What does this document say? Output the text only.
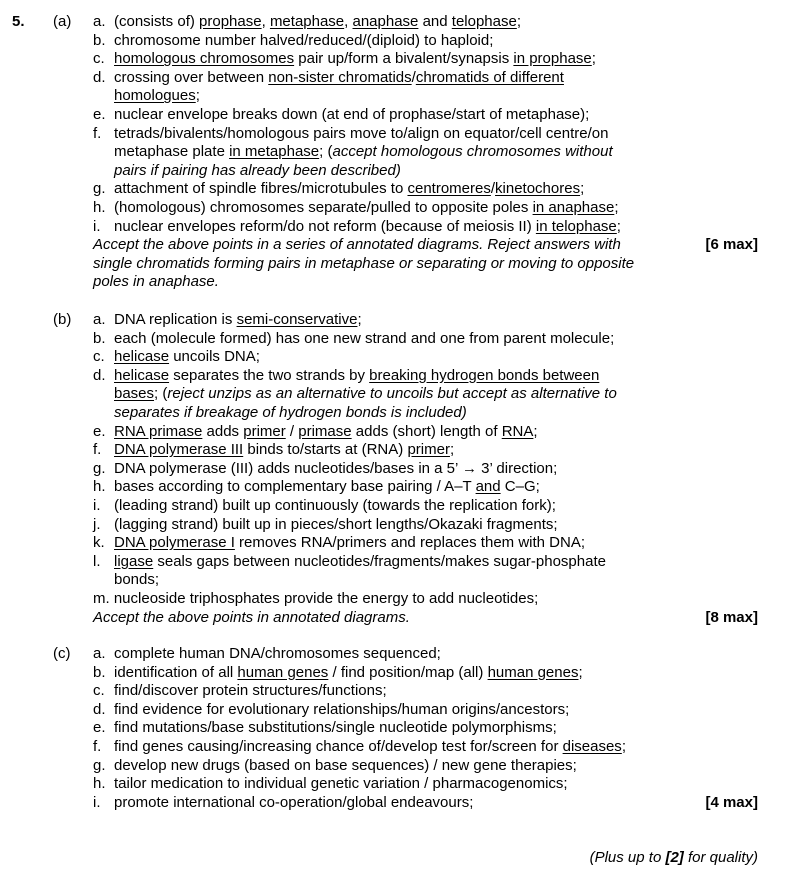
5. (a) a. (consists of) prophase, metaphase, anaphase and telophase;
b. chromosome number halved/reduced/(diploid) to haploid;
c. homologous chromosomes pair up/form a bivalent/synapsis in prophase;
d. crossing over between non-sister chromatids/chromatids of different
homologues;
e. nuclear envelope breaks down (at end of prophase/start of metaphase);
f. tetrads/bivalents/homologous pairs move to/align on equator/cell centre/on
metaphase plate in metaphase; (accept homologous chromosomes without
pairs if pairing has already been described)
g. attachment of spindle fibres/microtubules to centromeres/kinetochores;
h. (homologous) chromosomes separate/pulled to opposite poles in anaphase;
i. nuclear envelopes reform/do not reform (because of meiosis II) in telophase;
Accept the above points in a series of annotated diagrams. Reject answers with	[6 max]
single chromatids forming pairs in metaphase or separating or moving to opposite
poles in anaphase.
(b) a. DNA replication is semi-conservative;
b. each (molecule formed) has one new strand and one from parent molecule;
c. helicase uncoils DNA;
d. helicase separates the two strands by breaking hydrogen bonds between
bases; (reject unzips as an alternative to uncoils but accept as alternative to
separates if breakage of hydrogen bonds is included)
e. RNA primase adds primer / primase adds (short) length of RNA;
f. DNA polymerase III binds to/starts at (RNA) primer;
g. DNA polymerase (III) adds nucleotides/bases in a 5’ → 3’ direction;
h. bases according to complementary base pairing / A–T and C–G;
i. (leading strand) built up continuously (towards the replication fork);
j. (lagging strand) built up in pieces/short lengths/Okazaki fragments;
k. DNA polymerase I removes RNA/primers and replaces them with DNA;
l. ligase seals gaps between nucleotides/fragments/makes sugar-phosphate
bonds;
m. nucleoside triphosphates provide the energy to add nucleotides;
Accept the above points in annotated diagrams.	[8 max]
(c) a. complete human DNA/chromosomes sequenced;
b. identification of all human genes / find position/map (all) human genes;
c. find/discover protein structures/functions;
d. find evidence for evolutionary relationships/human origins/ancestors;
e. find mutations/base substitutions/single nucleotide polymorphisms;
f. find genes causing/increasing chance of/develop test for/screen for diseases;
g. develop new drugs (based on base sequences) / new gene therapies;
h. tailor medication to individual genetic variation / pharmacogenomics;
i. promote international co-operation/global endeavours;	[4 max]
(Plus up to [2] for quality)
